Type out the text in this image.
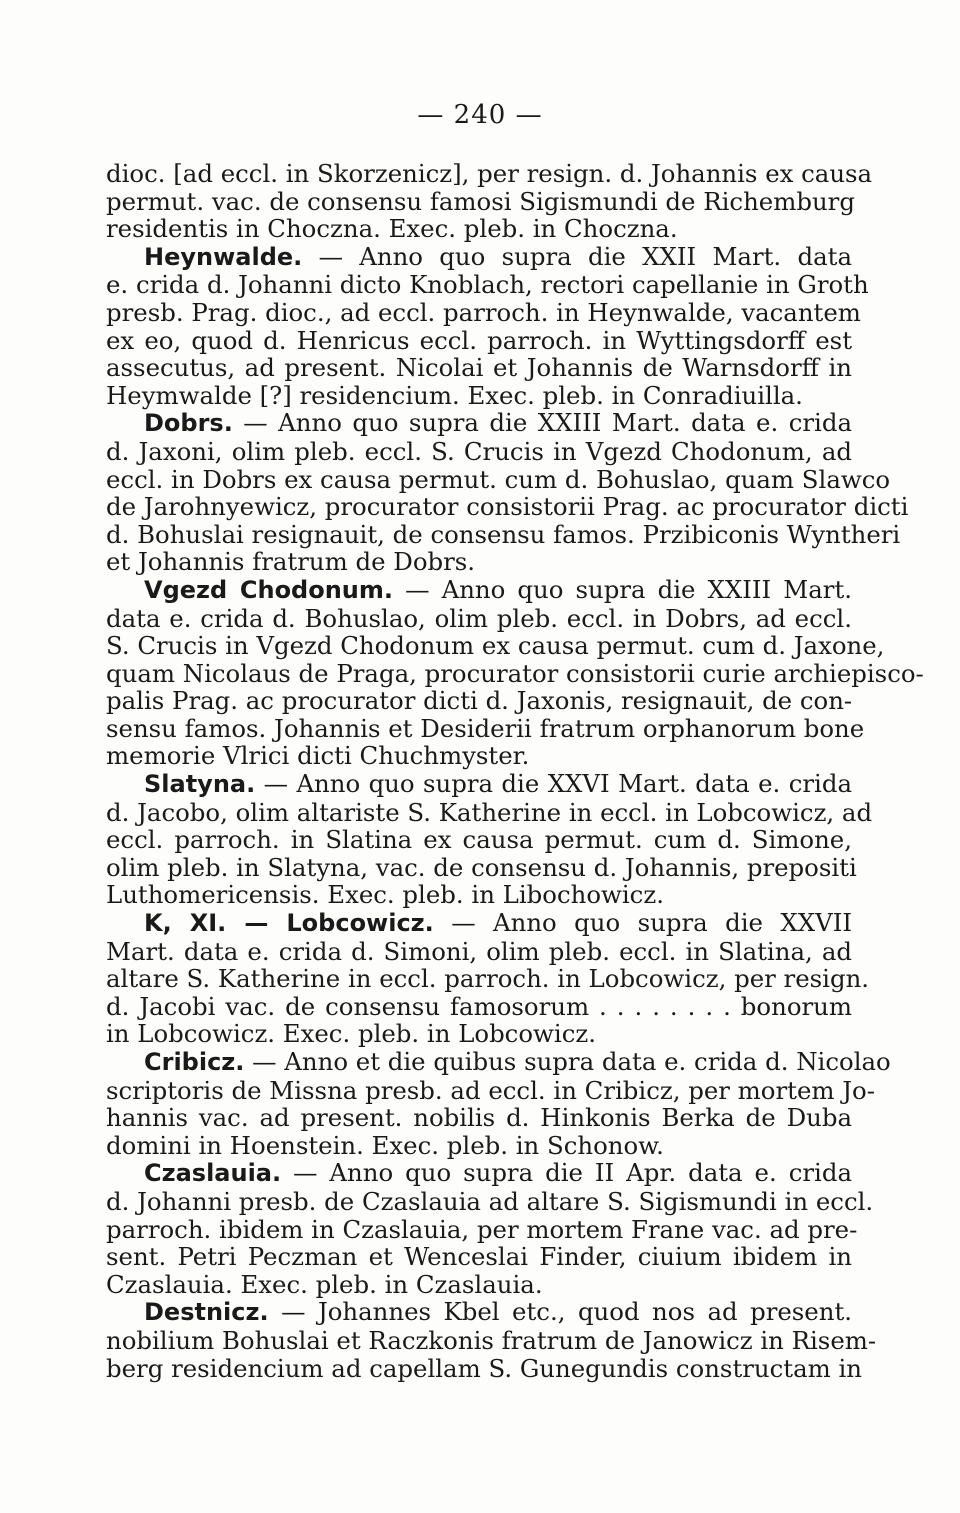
— 240 —
dioc. [ad eccl. in Skorzenicz], per resign. d. Johannis ex causa
permut. vac. de consensu famosi Sigismundi de Richemburg
residentis in Choczna. Exec. pleb. in Choczna.
Heynwalde. — Anno quo supra die XXII Mart. data
e. crida d. Johanni dicto Knoblach, rectori capellanie in Groth
presb. Prag. dioc., ad eccl. parroch. in Heynwalde, vacantem
ex eo, quod d. Henricus eccl. parroch. in Wyttingsdorff est
assecutus, ad present. Nicolai et Johannis de Warnsdorff in
Heymwalde [?] residencium. Exec. pleb. in Conradiuilla.
Dobrs. — Anno quo supra die XXIII Mart. data e. crida
d. Jaxoni, olim pleb. eccl. S. Crucis in Vgezd Chodonum, ad
eccl. in Dobrs ex causa permut. cum d. Bohuslao, quam Slawco
de Jarohnyewicz, procurator consistorii Prag. ac procurator dicti
d. Bohuslai resignauit, de consensu famos. Przibiconis Wyntheri
et Johannis fratrum de Dobrs.
Vgezd Chodonum. — Anno quo supra die XXIII Mart.
data e. crida d. Bohuslao, olim pleb. eccl. in Dobrs, ad eccl.
S. Crucis in Vgezd Chodonum ex causa permut. cum d. Jaxone,
quam Nicolaus de Praga, procurator consistorii curie archiepisco-
palis Prag. ac procurator dicti d. Jaxonis, resignauit, de con-
sensu famos. Johannis et Desiderii fratrum orphanorum bone
memorie Vlrici dicti Chuchmyster.
Slatyna. — Anno quo supra die XXVI Mart. data e. crida
d. Jacobo, olim altariste S. Katherine in eccl. in Lobcowicz, ad
eccl. parroch. in Slatina ex causa permut. cum d. Simone,
olim pleb. in Slatyna, vac. de consensu d. Johannis, prepositi
Luthomericensis. Exec. pleb. in Libochowicz.
K, XI. — Lobcowicz. — Anno quo supra die XXVII
Mart. data e. crida d. Simoni, olim pleb. eccl. in Slatina, ad
altare S. Katherine in eccl. parroch. in Lobcowicz, per resign.
d. Jacobi vac. de consensu famosorum . . . . . . . . bonorum
in Lobcowicz. Exec. pleb. in Lobcowicz.
Cribicz. — Anno et die quibus supra data e. crida d. Nicolao
scriptoris de Missna presb. ad eccl. in Cribicz, per mortem Jo-
hannis vac. ad present. nobilis d. Hinkonis Berka de Duba
domini in Hoenstein. Exec. pleb. in Schonow.
Czaslauia. — Anno quo supra die II Apr. data e. crida
d. Johanni presb. de Czaslauia ad altare S. Sigismundi in eccl.
parroch. ibidem in Czaslauia, per mortem Frane vac. ad pre-
sent. Petri Peczman et Wenceslai Finder, ciuium ibidem in
Czaslauia. Exec. pleb. in Czaslauia.
Destnicz. — Johannes Kbel etc., quod nos ad present.
nobilium Bohuslai et Raczkonis fratrum de Janowicz in Risem-
berg residencium ad capellam S. Gunegundis constructam in
